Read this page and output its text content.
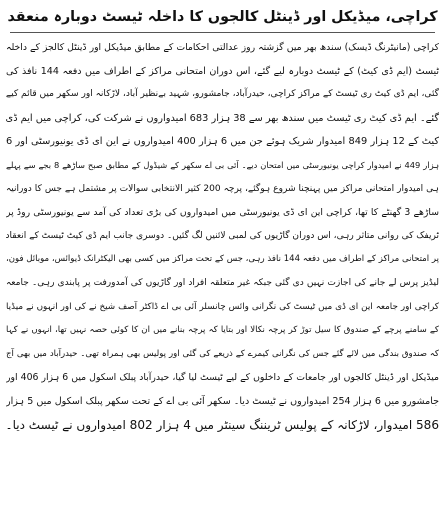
کراچی، میڈیکل اور ڈینٹل کالجوں کا داخلہ ٹیسٹ دوبارہ منعقد
کراچی (مانیٹرنگ ڈیسک) سندھ بھر میں گزشتہ روز عدالتی احکامات کے مطابق میڈیکل اور ڈینٹل کالجز کے داخلہ
ٹیسٹ (ایم ڈی کیٹ) کے ٹیسٹ دوبارہ لیے گئے، اس دوران امتحانی مراکز کے اطراف میں دفعہ 144 نافذ کی
گئی، ایم ڈی کیٹ ری ٹیسٹ کے مراکز کراچی، حیدرآباد، جامشورو، شہید بےنظیر آباد، لاڑکانہ اور سکھر میں قائم کیے
گئے۔ ایم ڈی کیٹ ری ٹیسٹ میں سندھ بھر سے 38 ہزار 683 امیدواروں نے شرکت کی، کراچی میں ایم ڈی
کیٹ کے 12 ہزار 849 امیدوار شریک ہوئے جن میں 6 ہزار 400 امیدواروں نے این ای ڈی یونیورسٹی اور 6
ہزار 449 نے امیدوار کراچی یونیورسٹی میں امتحان دیے۔ آئی بی اے سکھر کے شیڈول کے مطابق صبح ساڑھے 8 بجے سے پہلے
ہی امیدوار امتحانی مراکز میں پہنچنا شروع ہوگئے، پرچہ 200 کثیر الانتخابی سوالات پر مشتمل ہے جس کا دورانیہ
ساڑھے 3 گھنٹے کا تھا، کراچی این ای ڈی یونیورسٹی میں امیدواروں کی بڑی تعداد کی آمد سے یونیورسٹی روڈ پر
ٹریفک کی روانی متاثر رہی، اس دوران گاڑیوں کی لمبی لائنیں لگ گئیں۔ دوسری جانب ایم ڈی کیٹ ٹیسٹ کے انعقاد
پر امتحانی مراکز کے اطراف میں دفعہ 144 نافذ رہی، جس کے تحت مراکز میں کسی بھی الیکٹرانک ڈیوائس، موبائل فون،
لیڈیز پرس لے جانے کی اجازت نہیں دی گئی جبکہ غیر متعلقہ افراد اور گاڑیوں کی آمدورفت پر پابندی رہی۔ جامعہ
کراچی اور جامعہ این ای ڈی میں ٹیسٹ کی نگرانی وائس چانسلر آئی بی اے ڈاکٹر آصف شیخ نے کی اور انہوں نے میڈیا
کے سامنے پرچے کے صندوق کا سیل توڑ کر پرچہ نکالا اور بتایا کہ پرچہ بنانے میں ان کا کوئی حصہ نہیں تھا، انہوں نے کہا
کہ صندوق بندگی میں لائے گئے جس کی نگرانی کیمرے کے ذریعے کی گئی اور پولیس بھی ہمراہ تھی۔ حیدرآباد میں بھی آج
میڈیکل اور ڈینٹل کالجوں اور جامعات کے داخلوں کے لیے ٹیسٹ لیا گیا، حیدرآباد پبلک اسکول میں 6 ہزار 406 اور
جامشورو میں 6 ہزار 254 امیدواروں نے ٹیسٹ دیا۔ سکھر آئی بی اے کے تحت سکھر پبلک اسکول میں 5 ہزار
586 امیدوار، لاڑکانہ کے پولیس ٹریننگ سینٹر میں 4 ہزار 802 امیدواروں نے ٹیسٹ دیا۔
